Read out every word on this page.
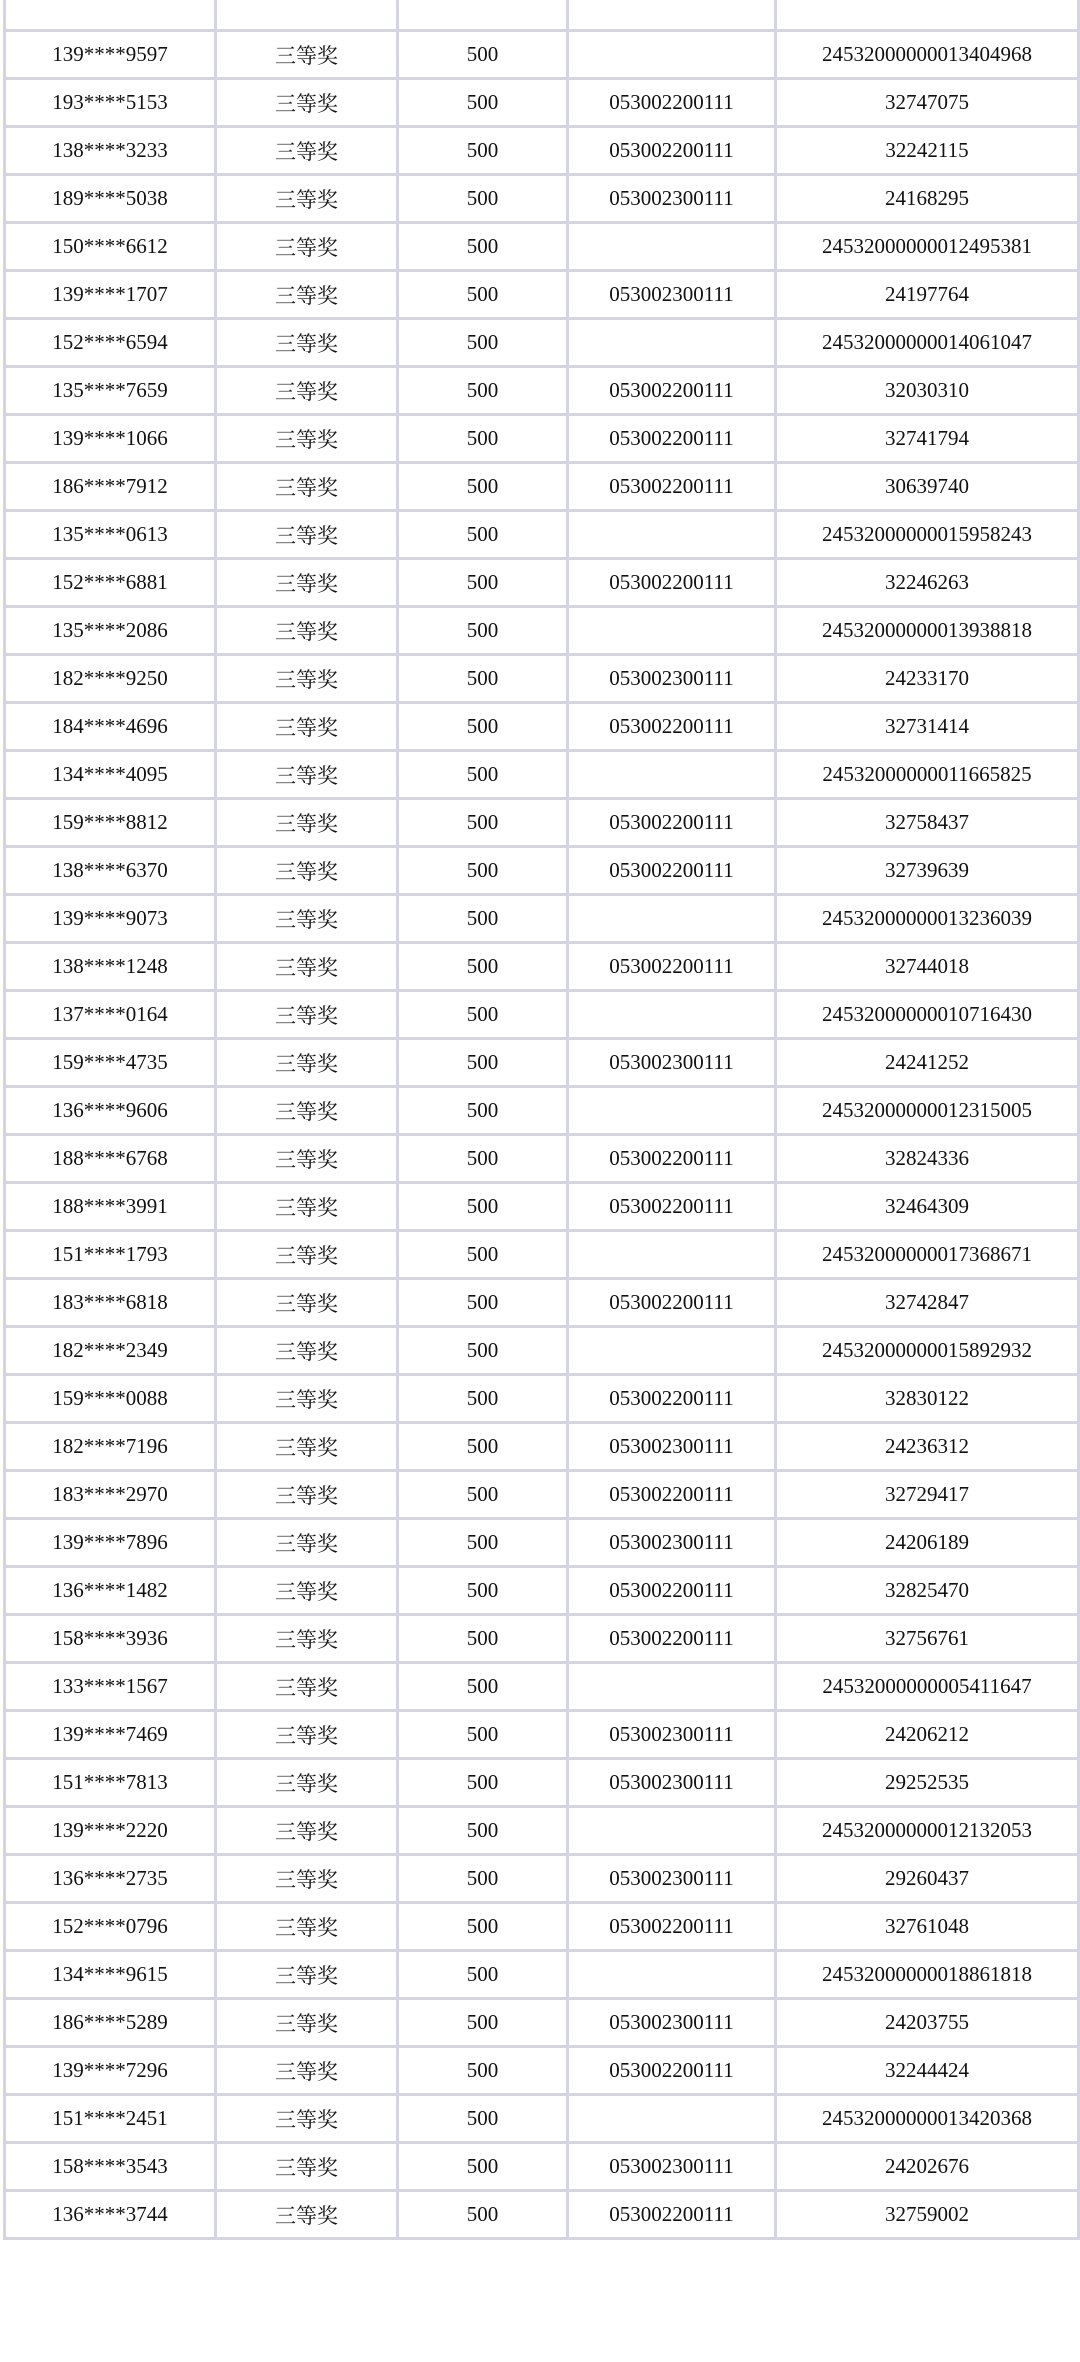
139****9597	三等奖	500		24532000000013404968
193****5153	三等奖	500	053002200111	32747075
138****3233	三等奖	500	053002200111	32242115
189****5038	三等奖	500	053002300111	24168295
150****6612	三等奖	500		24532000000012495381
139****1707	三等奖	500	053002300111	24197764
152****6594	三等奖	500		24532000000014061047
135****7659	三等奖	500	053002200111	32030310
139****1066	三等奖	500	053002200111	32741794
186****7912	三等奖	500	053002200111	30639740
135****0613	三等奖	500		24532000000015958243
152****6881	三等奖	500	053002200111	32246263
135****2086	三等奖	500		24532000000013938818
182****9250	三等奖	500	053002300111	24233170
184****4696	三等奖	500	053002200111	32731414
134****4095	三等奖	500		24532000000011665825
159****8812	三等奖	500	053002200111	32758437
138****6370	三等奖	500	053002200111	32739639
139****9073	三等奖	500		24532000000013236039
138****1248	三等奖	500	053002200111	32744018
137****0164	三等奖	500		24532000000010716430
159****4735	三等奖	500	053002300111	24241252
136****9606	三等奖	500		24532000000012315005
188****6768	三等奖	500	053002200111	32824336
188****3991	三等奖	500	053002200111	32464309
151****1793	三等奖	500		24532000000017368671
183****6818	三等奖	500	053002200111	32742847
182****2349	三等奖	500		24532000000015892932
159****0088	三等奖	500	053002200111	32830122
182****7196	三等奖	500	053002300111	24236312
183****2970	三等奖	500	053002200111	32729417
139****7896	三等奖	500	053002300111	24206189
136****1482	三等奖	500	053002200111	32825470
158****3936	三等奖	500	053002200111	32756761
133****1567	三等奖	500		24532000000005411647
139****7469	三等奖	500	053002300111	24206212
151****7813	三等奖	500	053002300111	29252535
139****2220	三等奖	500		24532000000012132053
136****2735	三等奖	500	053002300111	29260437
152****0796	三等奖	500	053002200111	32761048
134****9615	三等奖	500		24532000000018861818
186****5289	三等奖	500	053002300111	24203755
139****7296	三等奖	500	053002200111	32244424
151****2451	三等奖	500		24532000000013420368
158****3543	三等奖	500	053002300111	24202676
136****3744	三等奖	500	053002200111	32759002
